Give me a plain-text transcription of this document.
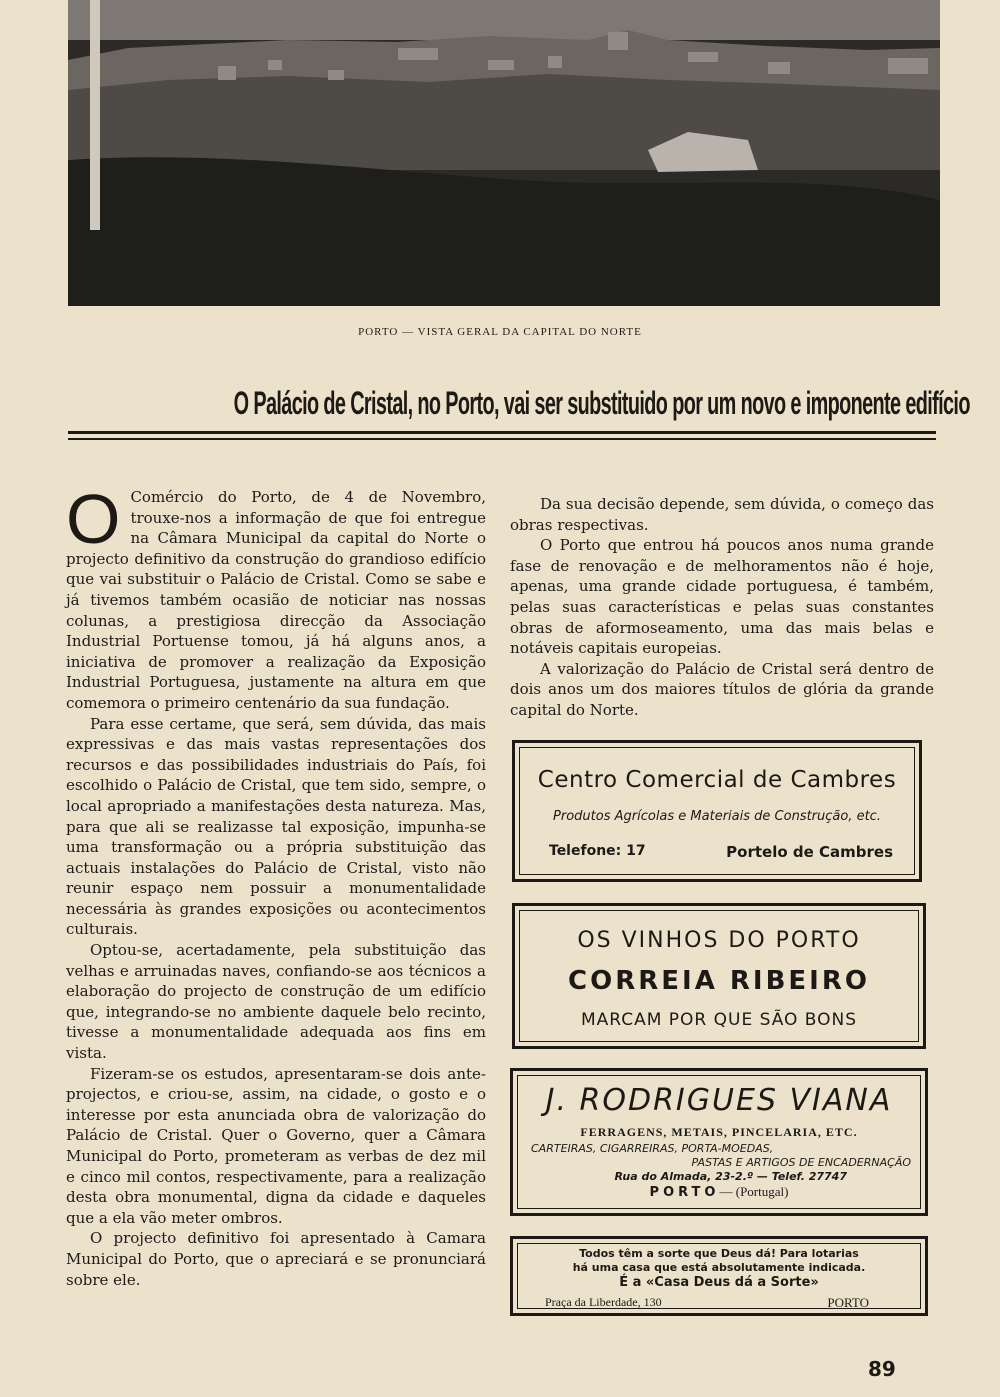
PORTO — VISTA GERAL DA CAPITAL DO NORTE
O Palácio de Cristal, no Porto, vai ser substituido por um novo e imponente edifício

O Comércio do Porto, de 4 de Novembro, trouxe-nos a informação de que foi entregue na Câmara Municipal da capital do Norte o projecto definitivo da construção do grandioso edifício que vai substituir o Palácio de Cristal. Como se sabe e já tivemos também ocasião de noticiar nas nossas colunas, a prestigiosa direcção da Associação Industrial Portuense tomou, já há alguns anos, a iniciativa de promover a realização da Exposição Industrial Portuguesa, justamente na altura em que comemora o primeiro centenário da sua fundação.

Para esse certame, que será, sem dúvida, das mais expressivas e das mais vastas representações dos recursos e das possibilidades industriais do País, foi escolhido o Palácio de Cristal, que tem sido, sempre, o local apropriado a manifestações desta natureza. Mas, para que ali se realizasse tal exposição, impunha-se uma transformação ou a própria substituição das actuais instalações do Palácio de Cristal, visto não reunir espaço nem possuir a monumentalidade necessária às grandes exposições ou acontecimentos culturais.

Optou-se, acertadamente, pela substituição das velhas e arruinadas naves, confiando-se aos técnicos a elaboração do projecto de construção de um edifício que, integrando-se no ambiente daquele belo recinto, tivesse a monumentalidade adequada aos fins em vista.

Fizeram-se os estudos, apresentaram-se dois ante-projectos, e criou-se, assim, na cidade, o gosto e o interesse por esta anunciada obra de valorização do Palácio de Cristal. Quer o Governo, quer a Câmara Municipal do Porto, prometeram as verbas de dez mil e cinco mil contos, respectivamente, para a realização desta obra monumental, digna da cidade e daqueles que a ela vão meter ombros.

O projecto definitivo foi apresentado à Camara Municipal do Porto, que o apreciará e se pronunciará sobre ele.

Da sua decisão depende, sem dúvida, o começo das obras respectivas.

O Porto que entrou há poucos anos numa grande fase de renovação e de melhoramentos não é hoje, apenas, uma grande cidade portuguesa, é também, pelas suas características e pelas suas constantes obras de aformoseamento, uma das mais belas e notáveis capitais europeias.

A valorização do Palácio de Cristal será dentro de dois anos um dos maiores títulos de glória da grande capital do Norte.

Centro Comercial de Cambres
Produtos Agrícolas e Materiais de Construção, etc.
Telefone: 17	Portelo de Cambres
OS VINHOS DO PORTO
CORREIA RIBEIRO
MARCAM POR QUE SÃO BONS
J. RODRIGUES VIANA
FERRAGENS, METAIS, PINCELARIA, ETC.
CARTEIRAS, CIGARREIRAS, PORTA-MOEDAS,
PASTAS E ARTIGOS DE ENCADERNAÇÃO
Rua do Almada, 23-2.º — Telef. 27747
PORTO— (Portugal)
Todos têm a sorte que Deus dá! Para lotarias
há uma casa que está absolutamente indicada.
É a «Casa Deus dá a Sorte»
Praça da Liberdade, 130	PORTO
89
